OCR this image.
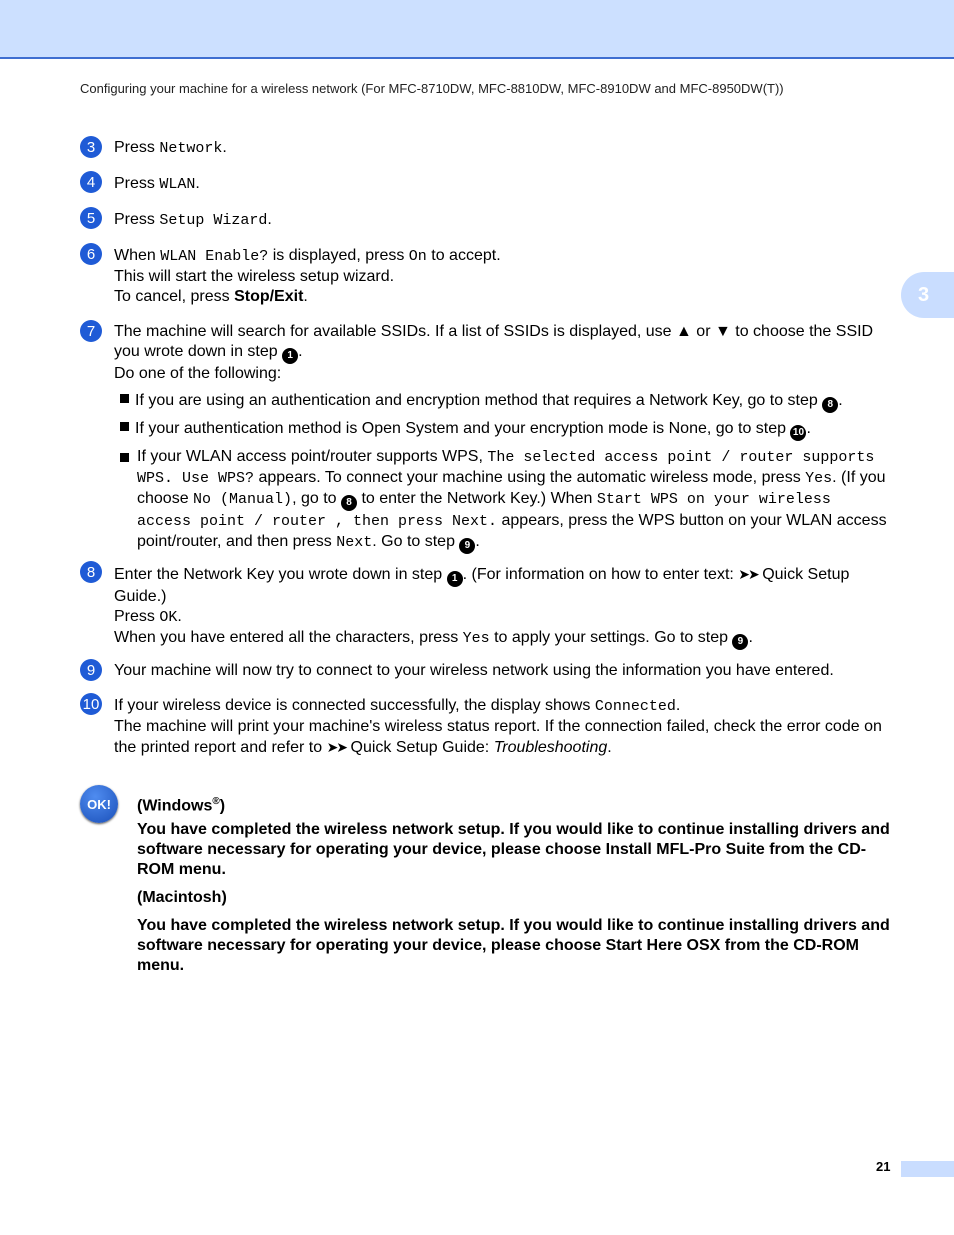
Configuring your machine for a wireless network (For MFC-8710DW, MFC-8810DW, MFC-8910DW and MFC-8950DW(T))
3
3	Press Network.
4	Press WLAN.
5	Press Setup Wizard.
6	When WLAN Enable? is displayed, press On to accept.
This will start the wireless setup wizard.
To cancel, press Stop/Exit.
7	The machine will search for available SSIDs. If a list of SSIDs is displayed, use ▲ or ▼ to choose the SSID you wrote down in step 1 .
Do one of the following:
If you are using an authentication and encryption method that requires a Network Key, go to step 8 .
If your authentication method is Open System and your encryption mode is None, go to step 10 .
If your WLAN access point/router supports WPS, The selected access point / router supports WPS. Use WPS? appears. To connect your machine using the automatic wireless mode, press Yes. (If you choose No (Manual), go to 8 to enter the Network Key.) When Start WPS on your wireless access point / router , then press Next. appears, press the WPS button on your WLAN access point/router, and then press Next. Go to step 9 .
8	Enter the Network Key you wrote down in step 1 . (For information on how to enter text: ➤➤ Quick Setup Guide.)
Press OK.
When you have entered all the characters, press Yes to apply your settings. Go to step 9 .
9	Your machine will now try to connect to your wireless network using the information you have entered.
10 If your wireless device is connected successfully, the display shows Connected.
The machine will print your machine's wireless status report. If the connection failed, check the error code on the printed report and refer to ➤➤ Quick Setup Guide: Troubleshooting.
OK!	(Windows®)
You have completed the wireless network setup. If you would like to continue installing drivers and software necessary for operating your device, please choose Install MFL-Pro Suite from the CD-ROM menu.
(Macintosh)
You have completed the wireless network setup. If you would like to continue installing drivers and software necessary for operating your device, please choose Start Here OSX from the CD-ROM menu.
21
